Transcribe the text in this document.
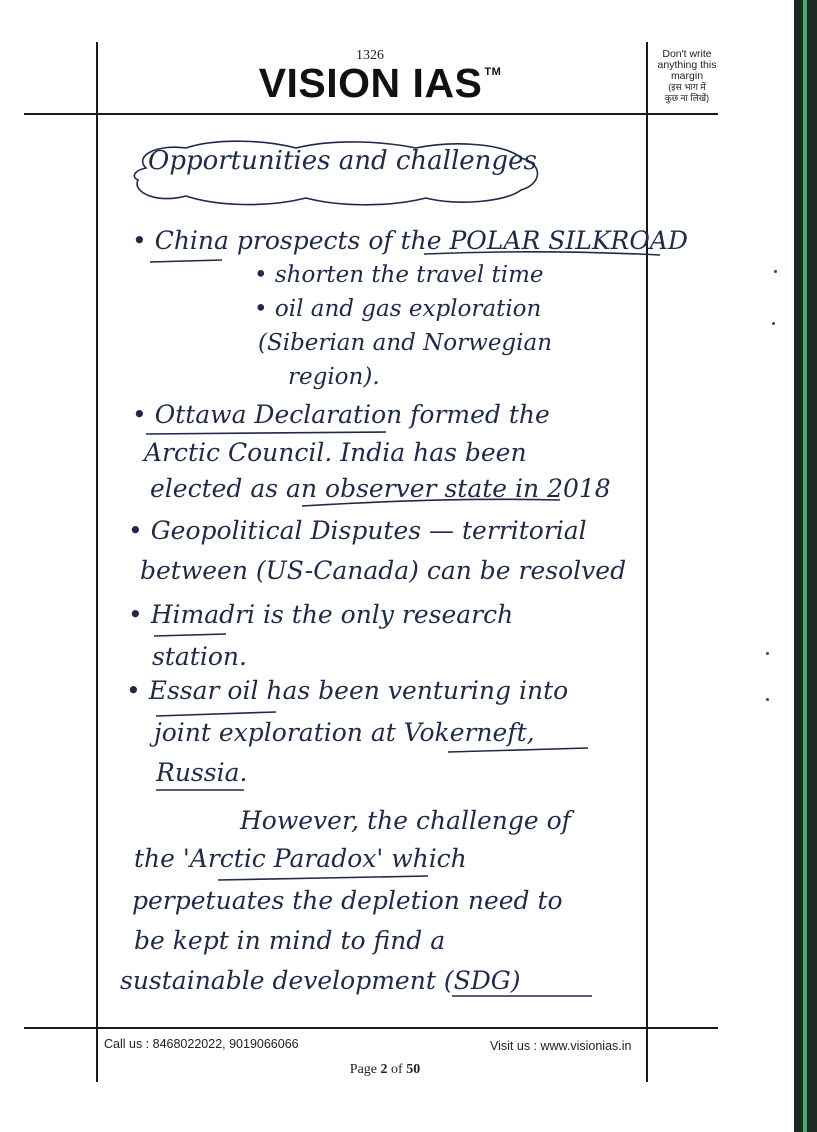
1326
VISION IAS ™
Don't write
anything this
margin
(इस भाग में
कुछ ना लिखें)
Opportunities and challenges
• China prospects of the POLAR SILKROAD
• shorten the travel time
• oil and gas exploration
(Siberian and Norwegian
region).
• Ottawa Declaration formed the
Arctic Council. India has been
elected as an observer state in 2018
• Geopolitical Disputes — territorial
between (US-Canada) can be resolved
• Himadri is the only research
station.
• Essar oil has been venturing into
joint exploration at Vokerneft,
Russia.
However, the challenge of
the 'Arctic Paradox' which
perpetuates the depletion need to
be kept in mind to find a
sustainable development (SDG)
Call us : 8468022022, 9019066066	Visit us : www.visionias.in
Page 2 of 50
